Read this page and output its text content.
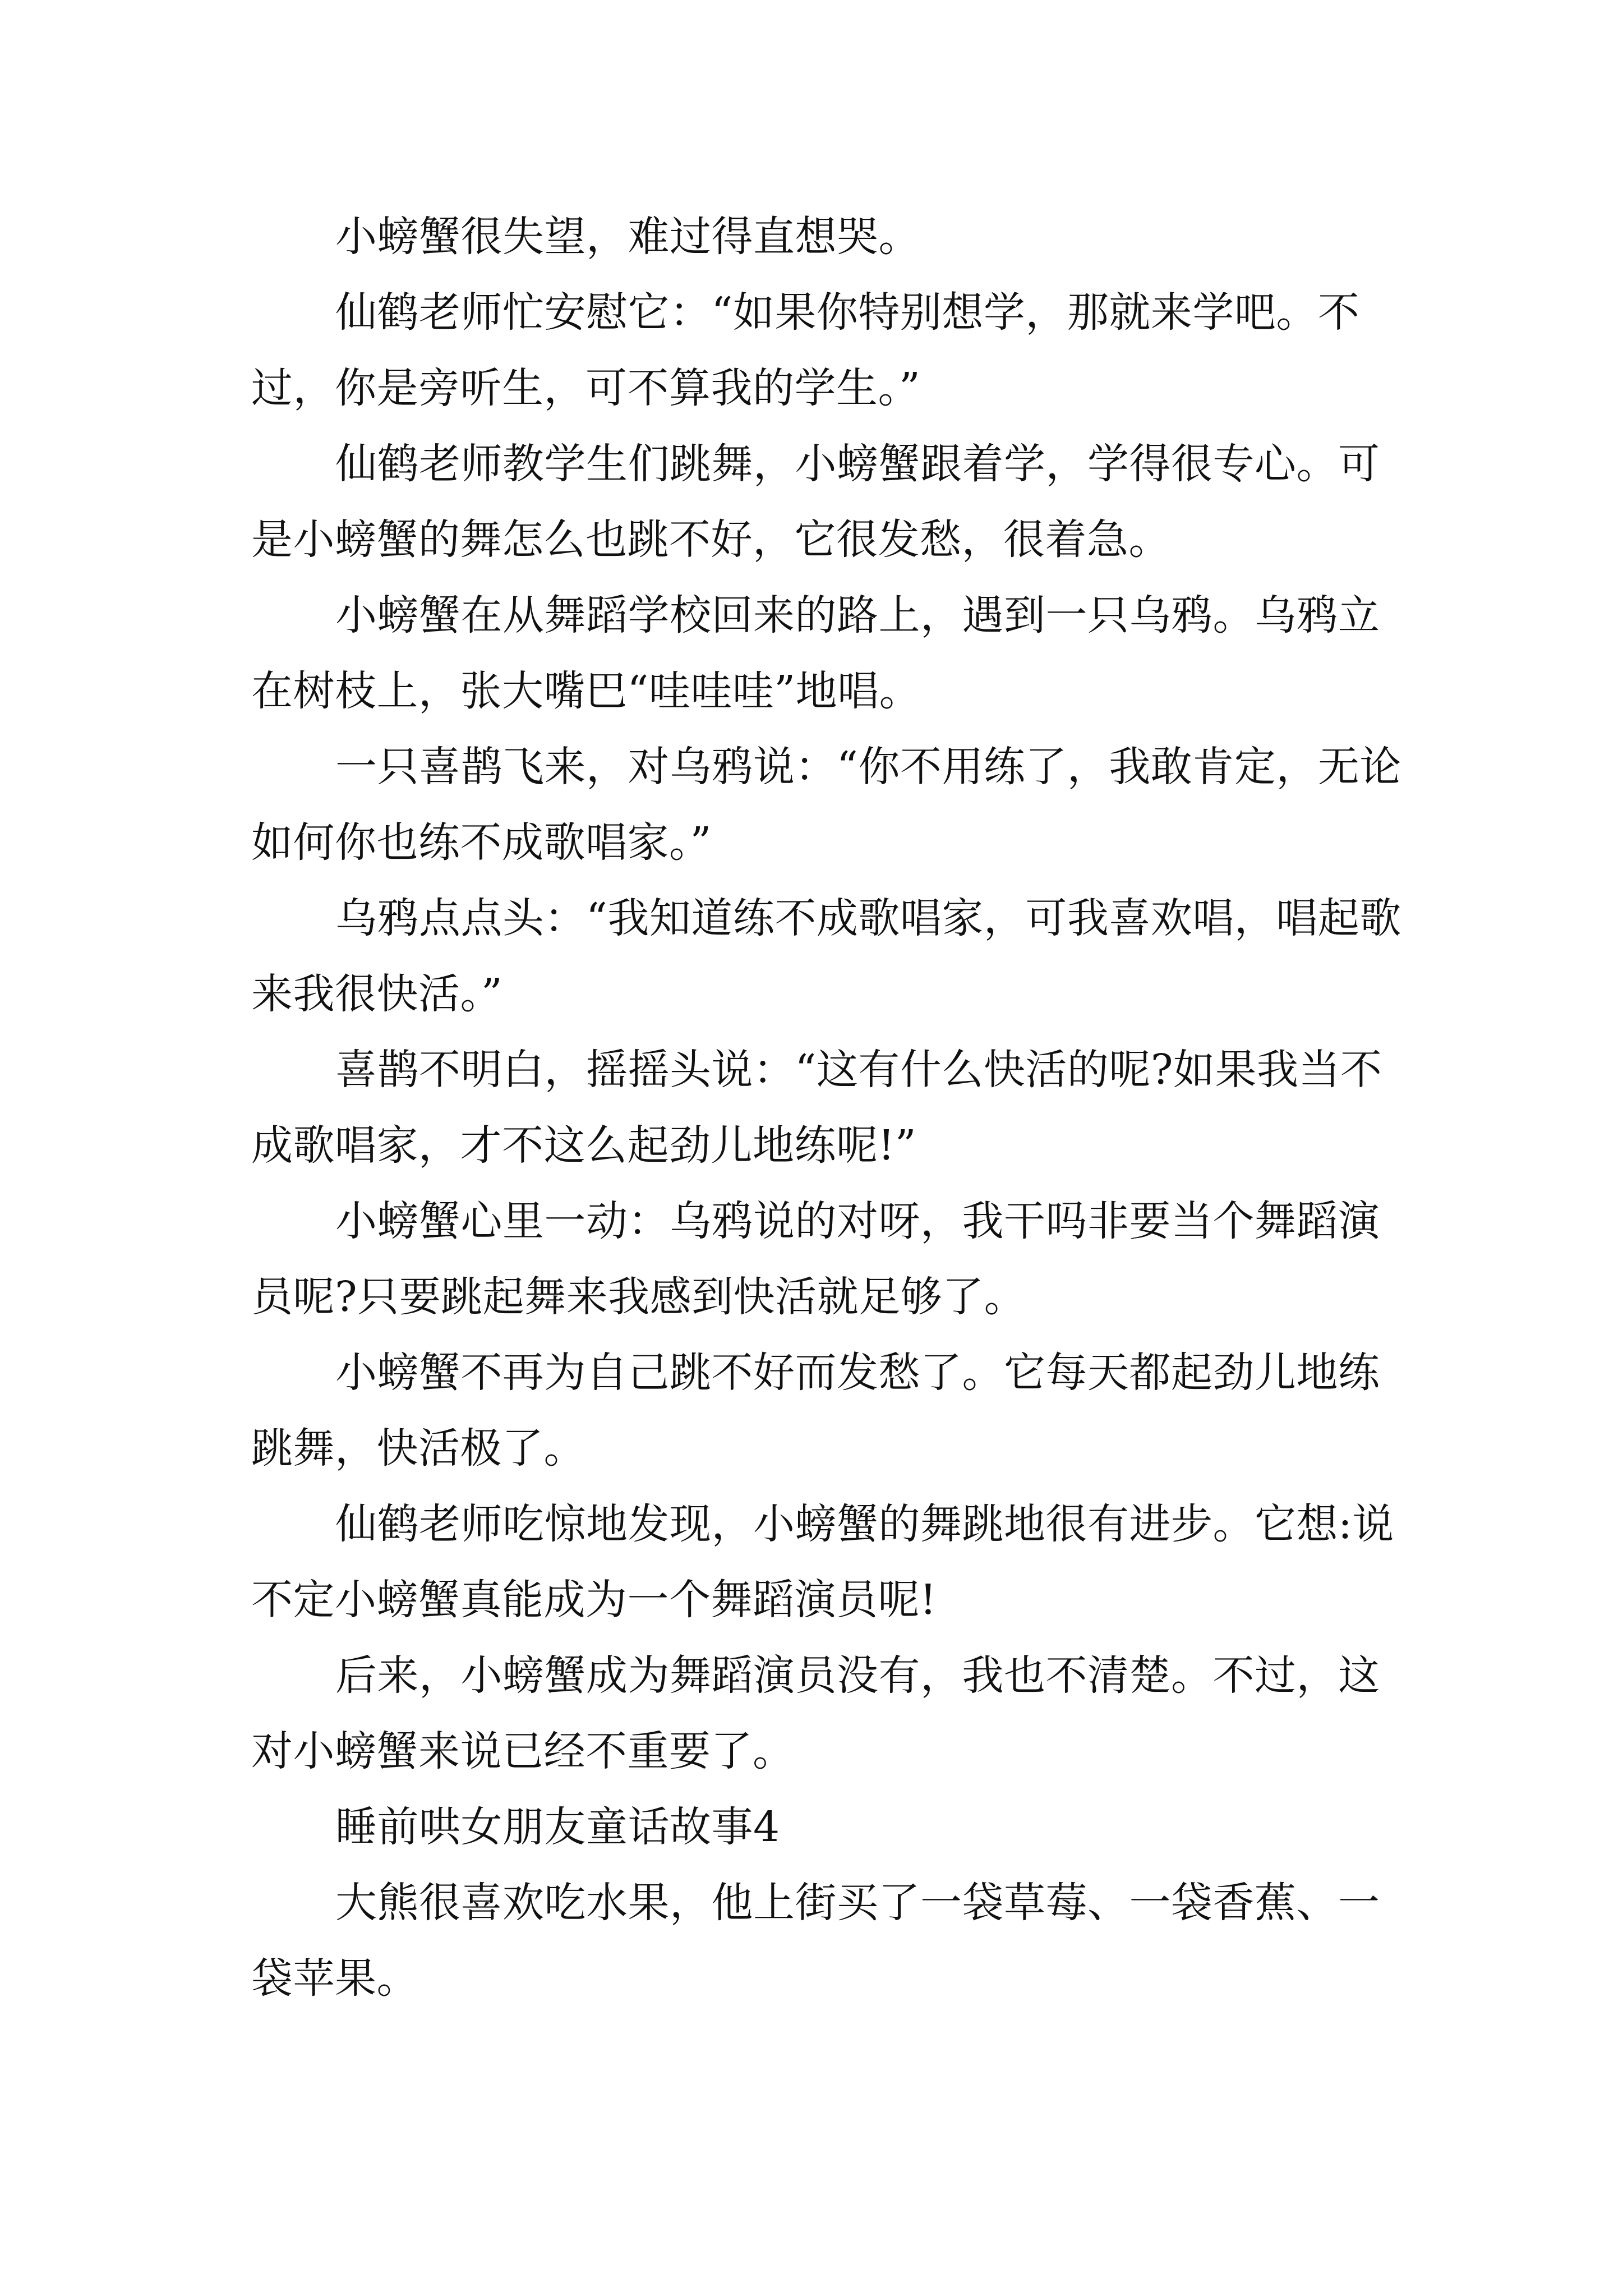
小螃蟹很失望，难过得直想哭。

仙鹤老师忙安慰它：“如果你特别想学，那就来学吧。不过，你是旁听生，可不算我的学生。”

仙鹤老师教学生们跳舞，小螃蟹跟着学，学得很专心。可是小螃蟹的舞怎么也跳不好，它很发愁，很着急。

小螃蟹在从舞蹈学校回来的路上，遇到一只乌鸦。乌鸦立在树枝上，张大嘴巴“哇哇哇”地唱。

一只喜鹊飞来，对乌鸦说：“你不用练了，我敢肯定，无论如何你也练不成歌唱家。”

乌鸦点点头：“我知道练不成歌唱家，可我喜欢唱，唱起歌来我很快活。”

喜鹊不明白，摇摇头说：“这有什么快活的呢?如果我当不成歌唱家，才不这么起劲儿地练呢!”

小螃蟹心里一动：乌鸦说的对呀，我干吗非要当个舞蹈演员呢?只要跳起舞来我感到快活就足够了。

小螃蟹不再为自己跳不好而发愁了。它每天都起劲儿地练跳舞，快活极了。

仙鹤老师吃惊地发现，小螃蟹的舞跳地很有进步。它想:说不定小螃蟹真能成为一个舞蹈演员呢!

后来，小螃蟹成为舞蹈演员没有，我也不清楚。不过，这对小螃蟹来说已经不重要了。

睡前哄女朋友童话故事4

大熊很喜欢吃水果，他上街买了一袋草莓、一袋香蕉、一袋苹果。
